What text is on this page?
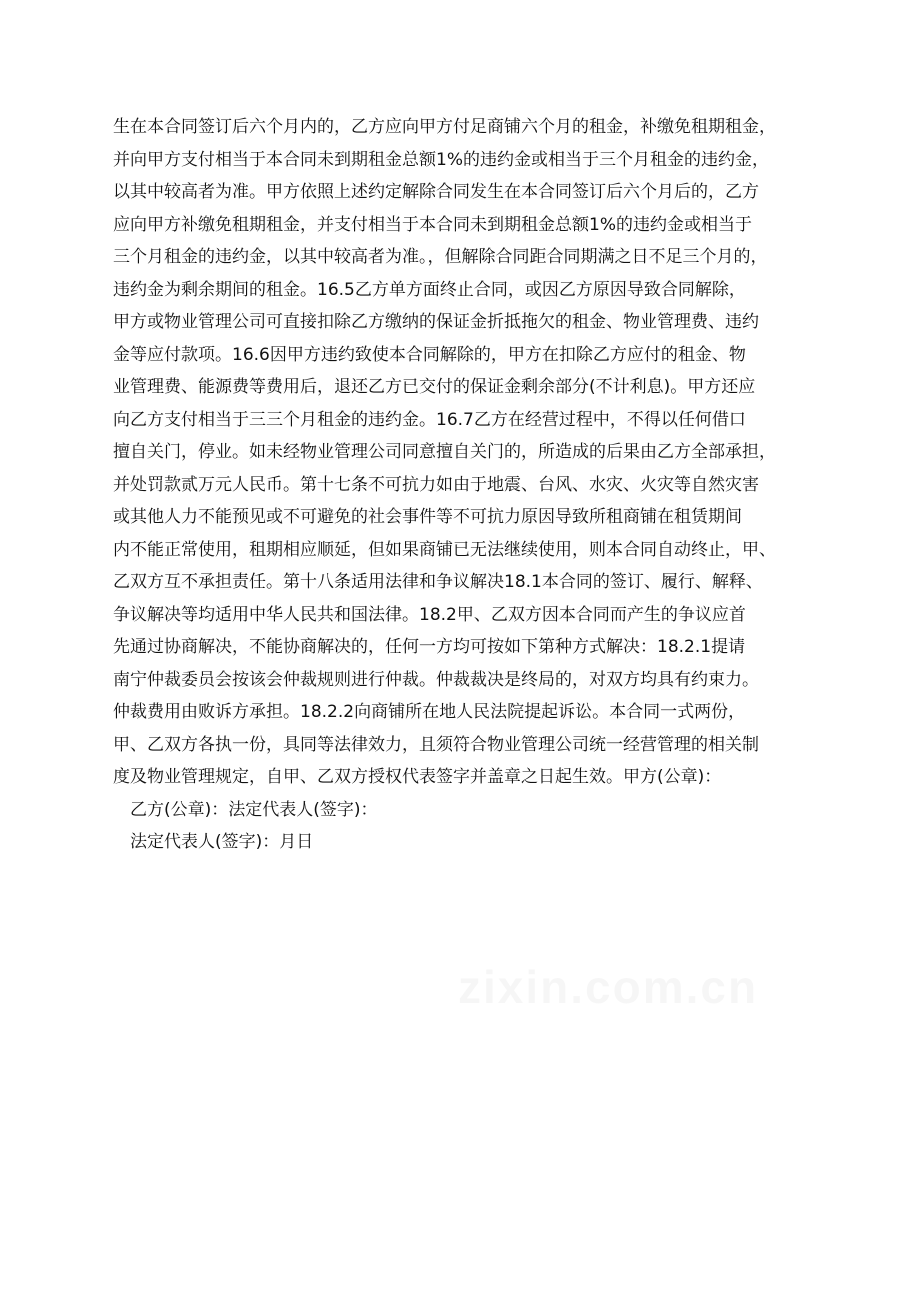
生在本合同签订后六个月内的，乙方应向甲方付足商铺六个月的租金，补缴免租期租金，
并向甲方支付相当于本合同未到期租金总额1%的违约金或相当于三个月租金的违约金，
以其中较高者为准。甲方依照上述约定解除合同发生在本合同签订后六个月后的，乙方
应向甲方补缴免租期租金，并支付相当于本合同未到期租金总额1%的违约金或相当于
三个月租金的违约金，以其中较高者为准。，但解除合同距合同期满之日不足三个月的，
违约金为剩余期间的租金。16.5乙方单方面终止合同，或因乙方原因导致合同解除，
甲方或物业管理公司可直接扣除乙方缴纳的保证金折抵拖欠的租金、物业管理费、违约
金等应付款项。16.6因甲方违约致使本合同解除的，甲方在扣除乙方应付的租金、物
业管理费、能源费等费用后，退还乙方已交付的保证金剩余部分(不计利息)。甲方还应
向乙方支付相当于三三个月租金的违约金。16.7乙方在经营过程中，不得以任何借口
擅自关门，停业。如未经物业管理公司同意擅自关门的，所造成的后果由乙方全部承担，
并处罚款贰万元人民币。第十七条不可抗力如由于地震、台风、水灾、火灾等自然灾害
或其他人力不能预见或不可避免的社会事件等不可抗力原因导致所租商铺在租赁期间
内不能正常使用，租期相应顺延，但如果商铺已无法继续使用，则本合同自动终止，甲、
乙双方互不承担责任。第十八条适用法律和争议解决18.1本合同的签订、履行、解释、
争议解决等均适用中华人民共和国法律。18.2甲、乙双方因本合同而产生的争议应首
先通过协商解决，不能协商解决的，任何一方均可按如下第种方式解决：18.2.1提请
南宁仲裁委员会按该会仲裁规则进行仲裁。仲裁裁决是终局的，对双方均具有约束力。
仲裁费用由败诉方承担。18.2.2向商铺所在地人民法院提起诉讼。本合同一式两份，
甲、乙双方各执一份，具同等法律效力，且须符合物业管理公司统一经营管理的相关制
度及物业管理规定，自甲、乙双方授权代表签字并盖章之日起生效。甲方(公章)：
乙方(公章)：法定代表人(签字)：
法定代表人(签字)：月日
